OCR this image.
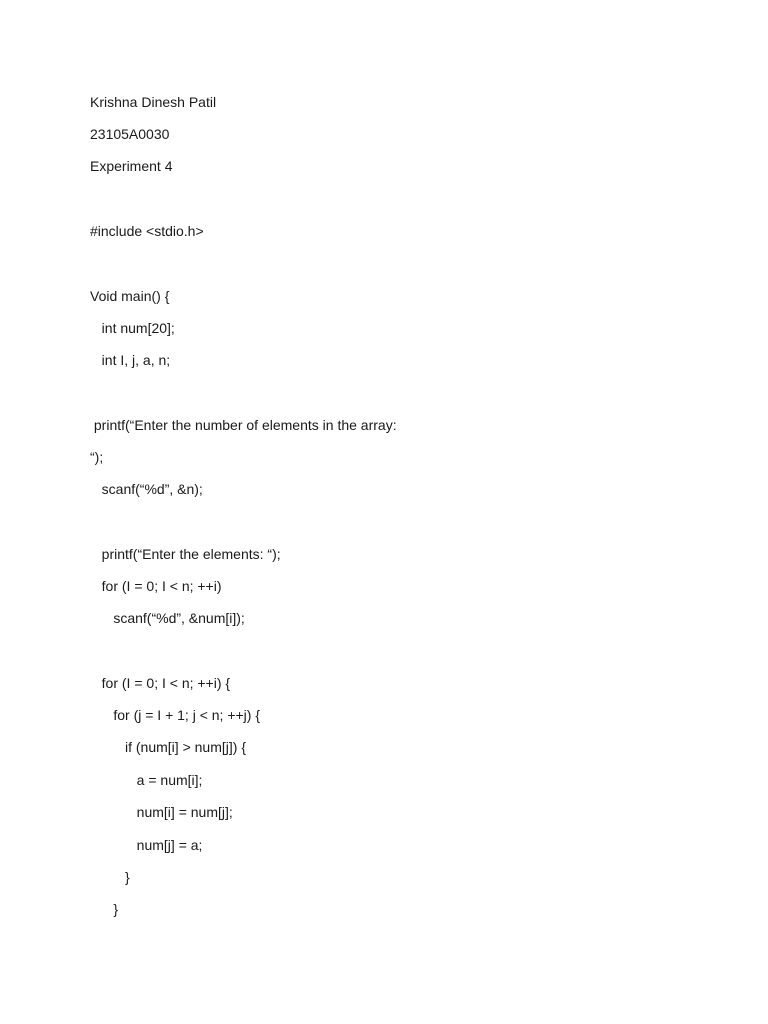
Krishna Dinesh Patil
23105A0030
Experiment 4
#include <stdio.h>
Void main() {
int num[20];
int I, j, a, n;
printf(“Enter the number of elements in the array:
“);
scanf(“%d”, &n);
printf(“Enter the elements: “);
for (I = 0; I < n; ++i)
scanf(“%d”, &num[i]);
for (I = 0; I < n; ++i) {
for (j = I + 1; j < n; ++j) {
if (num[i] > num[j]) {
a = num[i];
num[i] = num[j];
num[j] = a;
}
}
